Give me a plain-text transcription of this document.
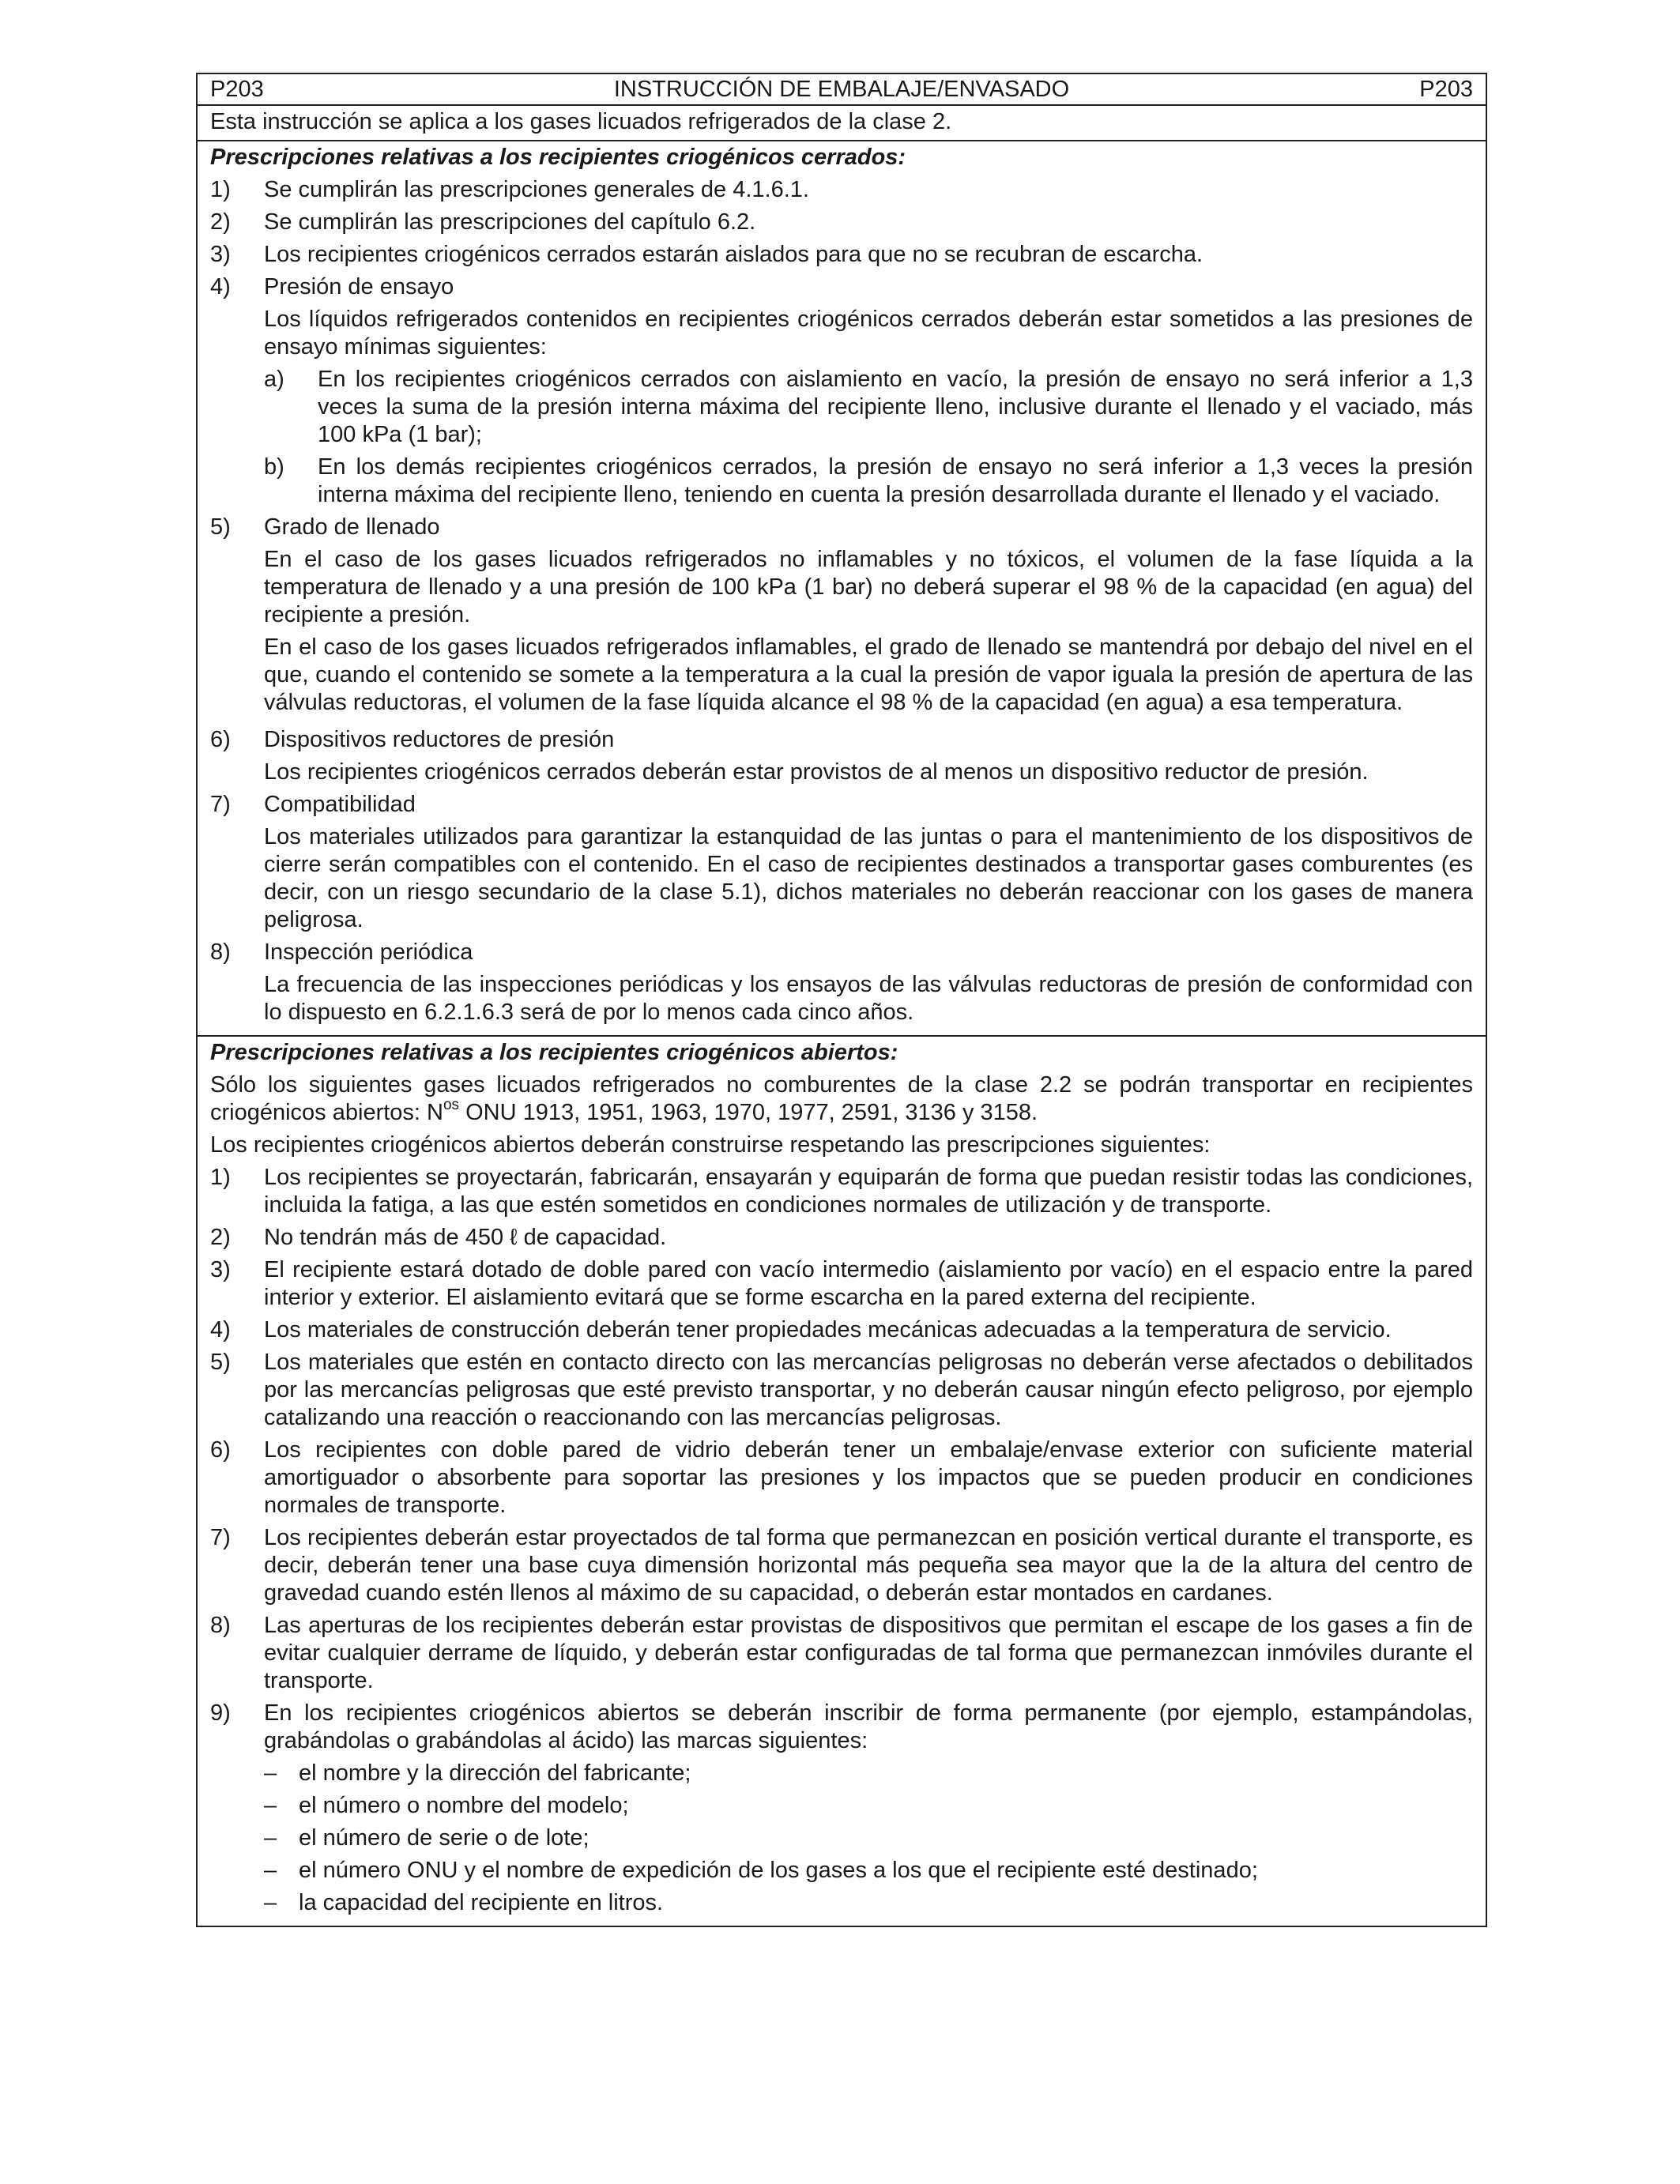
P203	INSTRUCCIÓN DE EMBALAJE/ENVASADO	P203
Esta instrucción se aplica a los gases licuados refrigerados de la clase 2.
Prescripciones relativas a los recipientes criogénicos cerrados:
1)	Se cumplirán las prescripciones generales de 4.1.6.1.
2)	Se cumplirán las prescripciones del capítulo 6.2.
3)	Los recipientes criogénicos cerrados estarán aislados para que no se recubran de escarcha.
4)	Presión de ensayo
Los líquidos refrigerados contenidos en recipientes criogénicos cerrados deberán estar sometidos a las presiones de ensayo mínimas siguientes:
a)	En los recipientes criogénicos cerrados con aislamiento en vacío, la presión de ensayo no será inferior a 1,3 veces la suma de la presión interna máxima del recipiente lleno, inclusive durante el llenado y el vaciado, más 100 kPa (1 bar);
b)	En los demás recipientes criogénicos cerrados, la presión de ensayo no será inferior a 1,3 veces la presión interna máxima del recipiente lleno, teniendo en cuenta la presión desarrollada durante el llenado y el vaciado.
5)	Grado de llenado
En el caso de los gases licuados refrigerados no inflamables y no tóxicos, el volumen de la fase líquida a la temperatura de llenado y a una presión de 100 kPa (1 bar) no deberá superar el 98 % de la capacidad (en agua) del recipiente a presión.
En el caso de los gases licuados refrigerados inflamables, el grado de llenado se mantendrá por debajo del nivel en el que, cuando el contenido se somete a la temperatura a la cual la presión de vapor iguala la presión de apertura de las válvulas reductoras, el volumen de la fase líquida alcance el 98 % de la capacidad (en agua) a esa temperatura.
6)	Dispositivos reductores de presión
Los recipientes criogénicos cerrados deberán estar provistos de al menos un dispositivo reductor de presión.
7)	Compatibilidad
Los materiales utilizados para garantizar la estanquidad de las juntas o para el mantenimiento de los dispositivos de cierre serán compatibles con el contenido. En el caso de recipientes destinados a transportar gases comburentes (es decir, con un riesgo secundario de la clase 5.1), dichos materiales no deberán reaccionar con los gases de manera peligrosa.
8)	Inspección periódica
La frecuencia de las inspecciones periódicas y los ensayos de las válvulas reductoras de presión de conformidad con lo dispuesto en 6.2.1.6.3 será de por lo menos cada cinco años.
Prescripciones relativas a los recipientes criogénicos abiertos:

Sólo los siguientes gases licuados refrigerados no comburentes de la clase 2.2 se podrán transportar en recipientes criogénicos abiertos: $N^{os}$ ONU 1913, 1951, 1963, 1970, 1977, 2591, 3136 y 3158.

Los recipientes criogénicos abiertos deberán construirse respetando las prescripciones siguientes:

1)	Los recipientes se proyectarán, fabricarán, ensayarán y equiparán de forma que puedan resistir todas las condiciones, incluida la fatiga, a las que estén sometidos en condiciones normales de utilización y de transporte.
2)	No tendrán más de 450 ℓ de capacidad.
3)	El recipiente estará dotado de doble pared con vacío intermedio (aislamiento por vacío) en el espacio entre la pared interior y exterior. El aislamiento evitará que se forme escarcha en la pared externa del recipiente.
4)	Los materiales de construcción deberán tener propiedades mecánicas adecuadas a la temperatura de servicio.
5)	Los materiales que estén en contacto directo con las mercancías peligrosas no deberán verse afectados o debilitados por las mercancías peligrosas que esté previsto transportar, y no deberán causar ningún efecto peligroso, por ejemplo catalizando una reacción o reaccionando con las mercancías peligrosas.
6)	Los recipientes con doble pared de vidrio deberán tener un embalaje/envase exterior con suficiente material amortiguador o absorbente para soportar las presiones y los impactos que se pueden producir en condiciones normales de transporte.
7)	Los recipientes deberán estar proyectados de tal forma que permanezcan en posición vertical durante el transporte, es decir, deberán tener una base cuya dimensión horizontal más pequeña sea mayor que la de la altura del centro de gravedad cuando estén llenos al máximo de su capacidad, o deberán estar montados en cardanes.
8)	Las aperturas de los recipientes deberán estar provistas de dispositivos que permitan el escape de los gases a fin de evitar cualquier derrame de líquido, y deberán estar configuradas de tal forma que permanezcan inmóviles durante el transporte.
9)	En los recipientes criogénicos abiertos se deberán inscribir de forma permanente (por ejemplo, estampándolas, grabándolas o grabándolas al ácido) las marcas siguientes:
– el nombre y la dirección del fabricante;
– el número o nombre del modelo;
– el número de serie o de lote;
– el número ONU y el nombre de expedición de los gases a los que el recipiente esté destinado;
– la capacidad del recipiente en litros.
